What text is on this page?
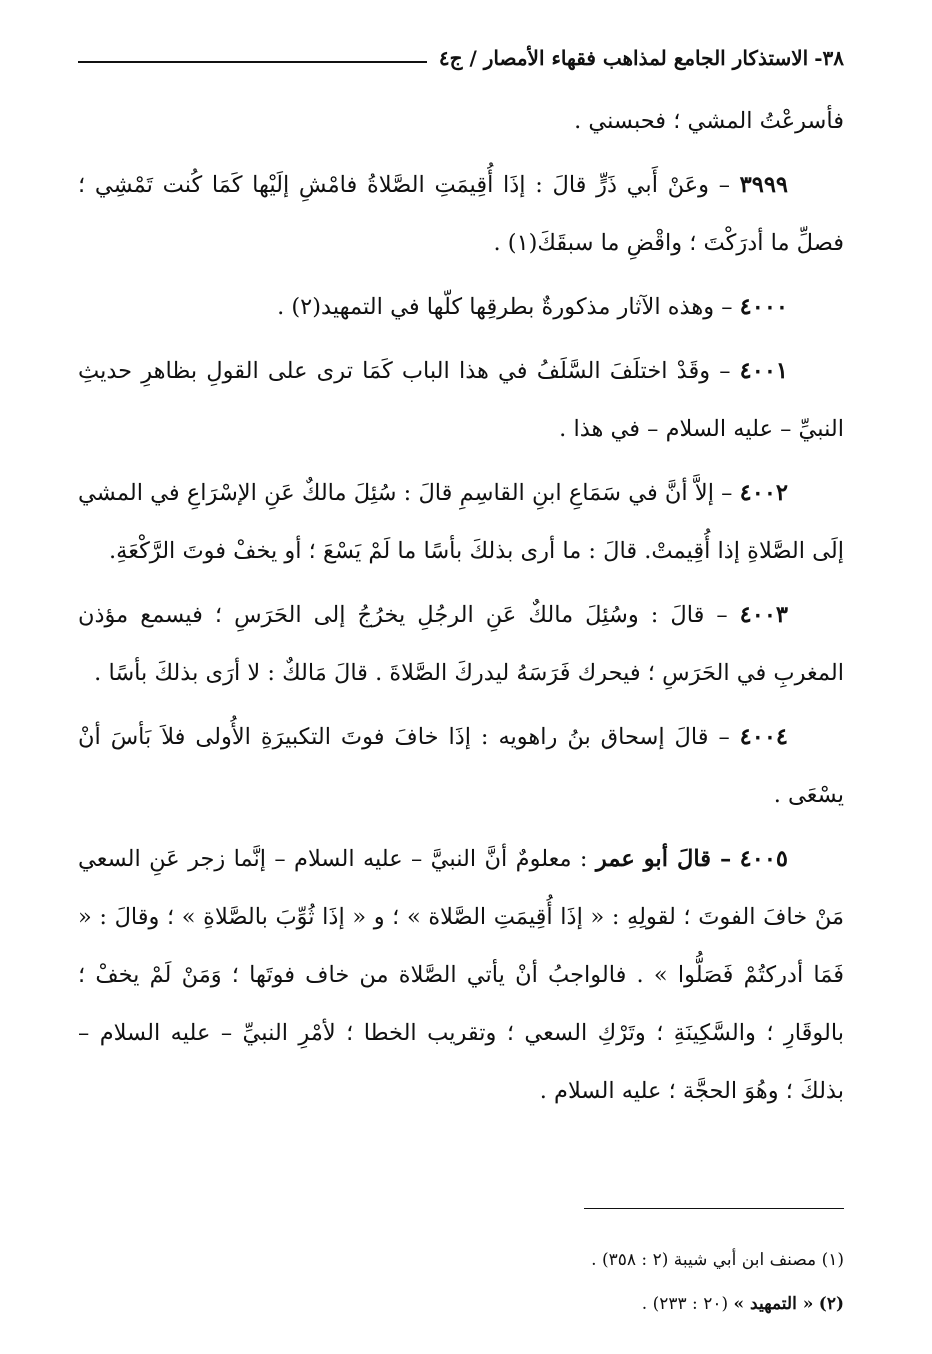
٣٨-
الاستذكار الجامع لمذاهب فقهاء الأمصار / ج٤

فأسرعْتُ المشي ؛ فحبسني .

٣٩٩٩ – وعَنْ أَبي ذَرٍّ قالَ : إذَا أُقِيمَتِ الصَّلاةُ فامْشِ إلَيْها كَمَا كُنت تَمْشِي ؛ فصلِّ ما أدرَكْتَ ؛ واقْضِ ما سبقَكَ(١) .

٤٠٠٠ – وهذه الآثار مذكورةٌ بطرقِها كلّها في التمهيد(٢) .

٤٠٠١ – وقَدْ اختلَفَ السَّلَفُ في هذا الباب كَمَا ترى على القولِ بظاهرِ حديثِ النبيِّ – عليه السلام – في هذا .

٤٠٠٢ – إلاَّ أنَّ في سَمَاعِ ابنِ القاسِمِ قالَ : سُئِلَ مالكٌ عَنِ الإسْرَاعِ في المشي إلَى الصَّلاةِ إذا أُقِيمتْ. قالَ : ما أرى بذلكَ بأسًا ما لَمْ يَسْعَ ؛ أو يخفْ فوتَ الرَّكْعَةِ.

٤٠٠٣ – قالَ : وسُئِلَ مالكٌ عَنِ الرجُلِ يخرُجُ إلى الحَرَسِ ؛ فيسمع مؤذن المغربِ في الحَرَسِ ؛ فيحرك فَرَسَهُ ليدركَ الصَّلاةَ . قالَ مَالكٌ : لا أرَى بذلكَ بأسًا .

٤٠٠٤ – قالَ إسحاق بنُ راهويه : إذَا خافَ فوتَ التكبيرَةِ الأُولى فلاَ بَأسَ أنْ يسْعَى .

٤٠٠٥ – قالَ أبو عمر : معلومٌ أنَّ النبيَّ – عليه السلام – إنَّما زجر عَنِ السعي مَنْ خافَ الفوتَ ؛ لقولِهِ : « إذَا أُقِيمَتِ الصَّلاة » ؛ و « إذَا ثُوِّبَ بالصَّلاةِ » ؛ وقالَ : « فَمَا أدركتُمْ فَصَلُّوا » . فالواجبُ أنْ يأتي الصَّلاة من خاف فوتَها ؛ وَمَنْ لَمْ يخفْ ؛ بالوقَارِ ؛ والسَّكِينَةِ ؛ وتَرْكِ السعي ؛ وتقريب الخطا ؛ لأمْرِ النبيِّ – عليه السلام – بذلكَ ؛ وهُوَ الحجَّة ؛ عليه السلام .

(١) مصنف ابن أبي شيبة (٢ : ٣٥٨) .

(٢) « التمهيد » (٢٠ : ٢٣٣) .
